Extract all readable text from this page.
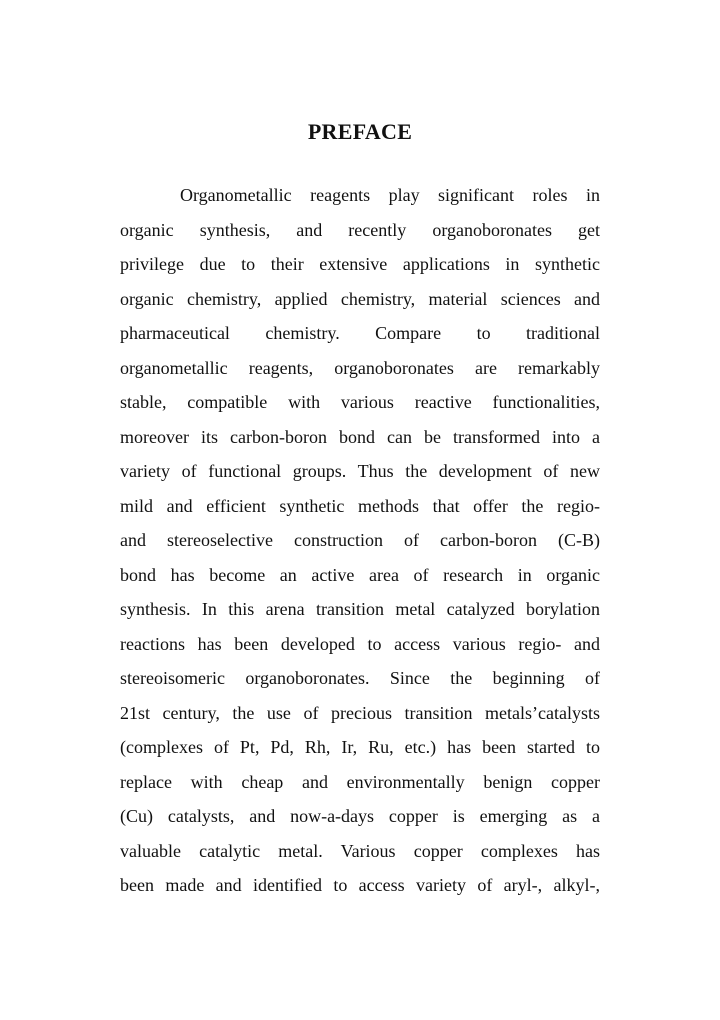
PREFACE
Organometallic reagents play significant roles in
organic synthesis, and recently organoboronates get
privilege due to their extensive applications in synthetic
organic chemistry, applied chemistry, material sciences and
pharmaceutical chemistry. Compare to traditional
organometallic reagents, organoboronates are remarkably
stable, compatible with various reactive functionalities,
moreover its carbon-boron bond can be transformed into a
variety of functional groups. Thus the development of new
mild and efficient synthetic methods that offer the regio-
and stereoselective construction of carbon-boron (C-B)
bond has become an active area of research in organic
synthesis. In this arena transition metal catalyzed borylation
reactions has been developed to access various regio- and
stereoisomeric organoboronates. Since the beginning of
21st century, the use of precious transition metals’catalysts
(complexes of Pt, Pd, Rh, Ir, Ru, etc.) has been started to
replace with cheap and environmentally benign copper
(Cu) catalysts, and now-a-days copper is emerging as a
valuable catalytic metal. Various copper complexes has
been made and identified to access variety of aryl-, alkyl-,
